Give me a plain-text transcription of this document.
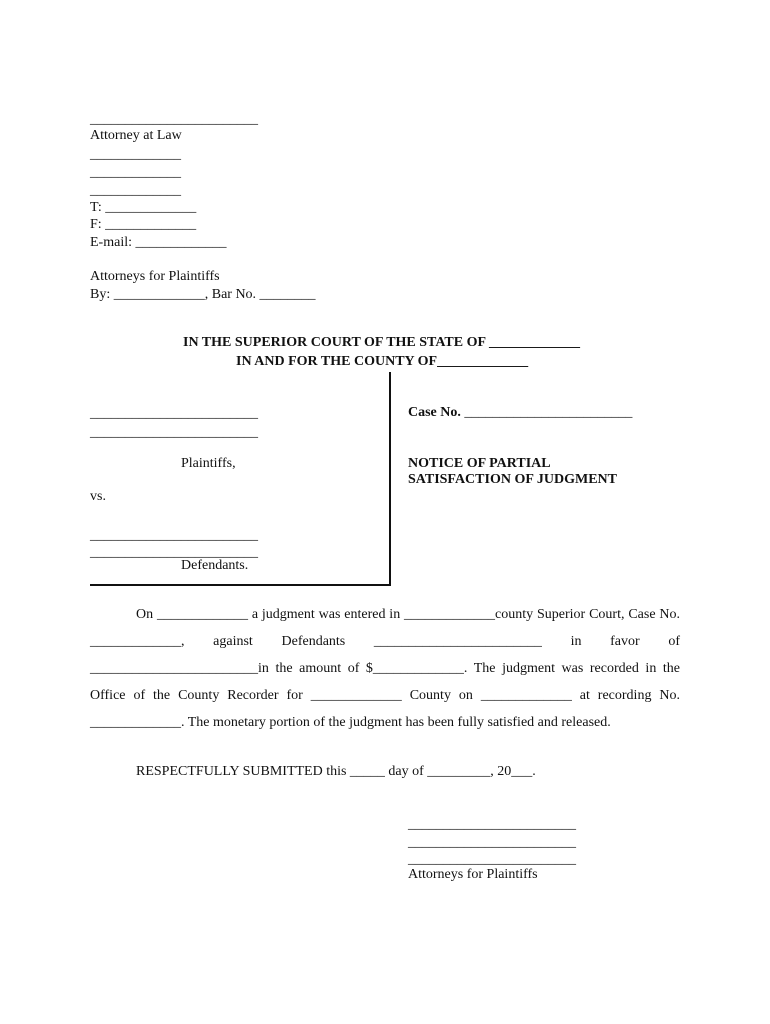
________________________
Attorney at Law
_____________
_____________
_____________
T: _____________
F: _____________
E-mail: _____________
Attorneys for Plaintiffs
By: _____________, Bar No. ________
IN THE SUPERIOR COURT OF THE STATE OF _____________
IN AND FOR THE COUNTY OF_____________
________________________
________________________
Plaintiffs,
vs.
________________________
________________________
Defendants.
Case No. ________________________
NOTICE OF PARTIAL
SATISFACTION OF JUDGMENT
On _____________ a judgment was entered in _____________county Superior Court, Case No. _____________, against Defendants ________________________ in favor of ________________________in the amount of $_____________. The judgment was recorded in the Office of the County Recorder for _____________ County on _____________ at recording No. _____________. The monetary portion of the judgment has been fully satisfied and released.
RESPECTFULLY SUBMITTED this _____ day of _________, 20___.
________________________
________________________
________________________
Attorneys for Plaintiffs
